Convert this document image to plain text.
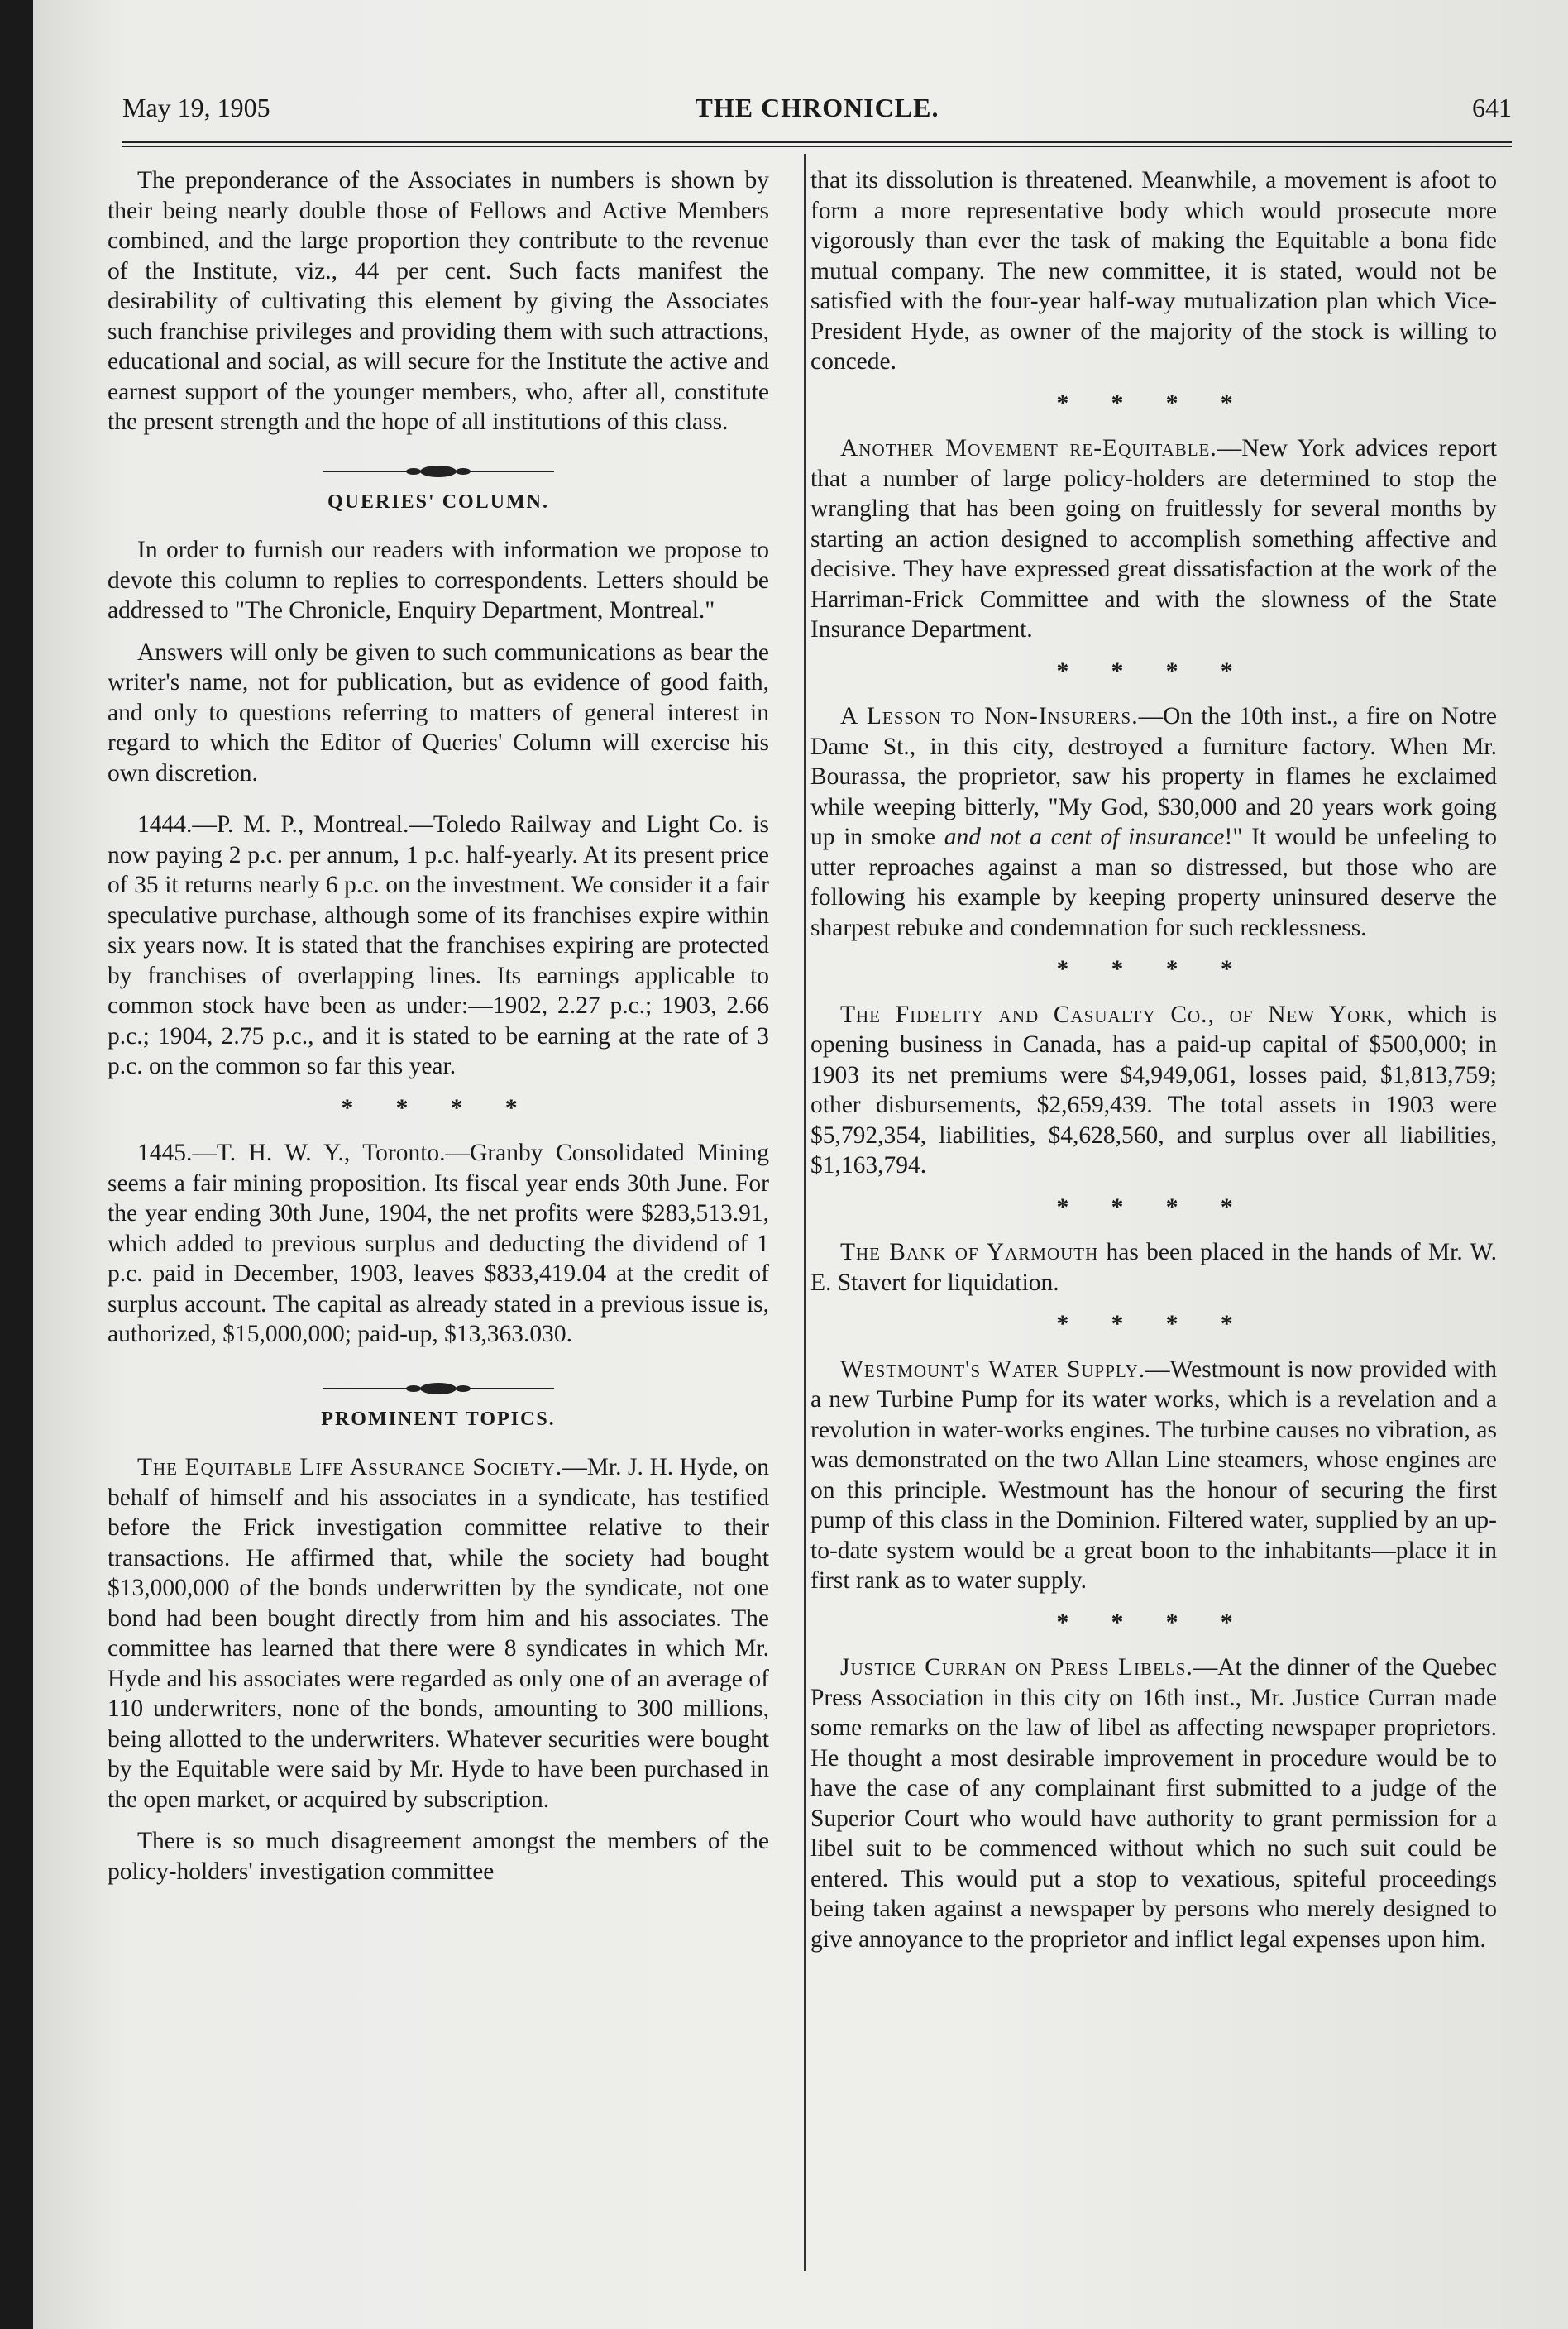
May 19, 1905	THE CHRONICLE.	641

The preponderance of the Associates in numbers is shown by their being nearly double those of Fellows and Active Members combined, and the large proportion they contribute to the revenue of the Institute, viz., 44 per cent. Such facts manifest the desirability of cultivating this element by giving the Associates such franchise privileges and providing them with such attractions, educational and social, as will secure for the Institute the active and earnest support of the younger members, who, after all, constitute the present strength and the hope of all institutions of this class.

QUERIES' COLUMN.

In order to furnish our readers with information we propose to devote this column to replies to correspondents. Letters should be addressed to "The Chronicle, Enquiry Department, Montreal."

Answers will only be given to such communications as bear the writer's name, not for publication, but as evidence of good faith, and only to questions referring to matters of general interest in regard to which the Editor of Queries' Column will exercise his own discretion.

1444.—P. M. P., Montreal.—Toledo Railway and Light Co. is now paying 2 p.c. per annum, 1 p.c. half-yearly. At its present price of 35 it returns nearly 6 p.c. on the investment. We consider it a fair speculative purchase, although some of its franchises expire within six years now. It is stated that the franchises expiring are protected by franchises of overlapping lines. Its earnings applicable to common stock have been as under:—1902, 2.27 p.c.; 1903, 2.66 p.c.; 1904, 2.75 p.c., and it is stated to be earning at the rate of 3 p.c. on the common so far this year.

* * * *

1445.—T. H. W. Y., Toronto.—Granby Consolidated Mining seems a fair mining proposition. Its fiscal year ends 30th June. For the year ending 30th June, 1904, the net profits were $283,513.91, which added to previous surplus and deducting the dividend of 1 p.c. paid in December, 1903, leaves $833,419.04 at the credit of surplus account. The capital as already stated in a previous issue is, authorized, $15,000,000; paid-up, $13,363.030.

PROMINENT TOPICS.

The Equitable Life Assurance Society.—Mr. J. H. Hyde, on behalf of himself and his associates in a syndicate, has testified before the Frick investigation committee relative to their transactions. He affirmed that, while the society had bought $13,000,000 of the bonds underwritten by the syndicate, not one bond had been bought directly from him and his associates. The committee has learned that there were 8 syndicates in which Mr. Hyde and his associates were regarded as only one of an average of 110 underwriters, none of the bonds, amounting to 300 millions, being allotted to the underwriters. Whatever securities were bought by the Equitable were said by Mr. Hyde to have been purchased in the open market, or acquired by subscription.

There is so much disagreement amongst the members of the policy-holders' investigation committee

that its dissolution is threatened. Meanwhile, a movement is afoot to form a more representative body which would prosecute more vigorously than ever the task of making the Equitable a bona fide mutual company. The new committee, it is stated, would not be satisfied with the four-year half-way mutualization plan which Vice-President Hyde, as owner of the majority of the stock is willing to concede.

* * * *

Another Movement re-Equitable.—New York advices report that a number of large policy-holders are determined to stop the wrangling that has been going on fruitlessly for several months by starting an action designed to accomplish something affective and decisive. They have expressed great dissatisfaction at the work of the Harriman-Frick Committee and with the slowness of the State Insurance Department.

* * * *

A Lesson to Non-Insurers.—On the 10th inst., a fire on Notre Dame St., in this city, destroyed a furniture factory. When Mr. Bourassa, the proprietor, saw his property in flames he exclaimed while weeping bitterly, "My God, $30,000 and 20 years work going up in smoke and not a cent of insurance!" It would be unfeeling to utter reproaches against a man so distressed, but those who are following his example by keeping property uninsured deserve the sharpest rebuke and condemnation for such recklessness.

* * * *

The Fidelity and Casualty Co., of New York, which is opening business in Canada, has a paid-up capital of $500,000; in 1903 its net premiums were $4,949,061, losses paid, $1,813,759; other disbursements, $2,659,439. The total assets in 1903 were $5,792,354, liabilities, $4,628,560, and surplus over all liabilities, $1,163,794.

* * * *

The Bank of Yarmouth has been placed in the hands of Mr. W. E. Stavert for liquidation.

* * * *

Westmount's Water Supply.—Westmount is now provided with a new Turbine Pump for its water works, which is a revelation and a revolution in water-works engines. The turbine causes no vibration, as was demonstrated on the two Allan Line steamers, whose engines are on this principle. Westmount has the honour of securing the first pump of this class in the Dominion. Filtered water, supplied by an up-to-date system would be a great boon to the inhabitants—place it in first rank as to water supply.

* * * *

Justice Curran on Press Libels.—At the dinner of the Quebec Press Association in this city on 16th inst., Mr. Justice Curran made some remarks on the law of libel as affecting newspaper proprietors. He thought a most desirable improvement in procedure would be to have the case of any complainant first submitted to a judge of the Superior Court who would have authority to grant permission for a libel suit to be commenced without which no such suit could be entered. This would put a stop to vexatious, spiteful proceedings being taken against a newspaper by persons who merely designed to give annoyance to the proprietor and inflict legal expenses upon him.
